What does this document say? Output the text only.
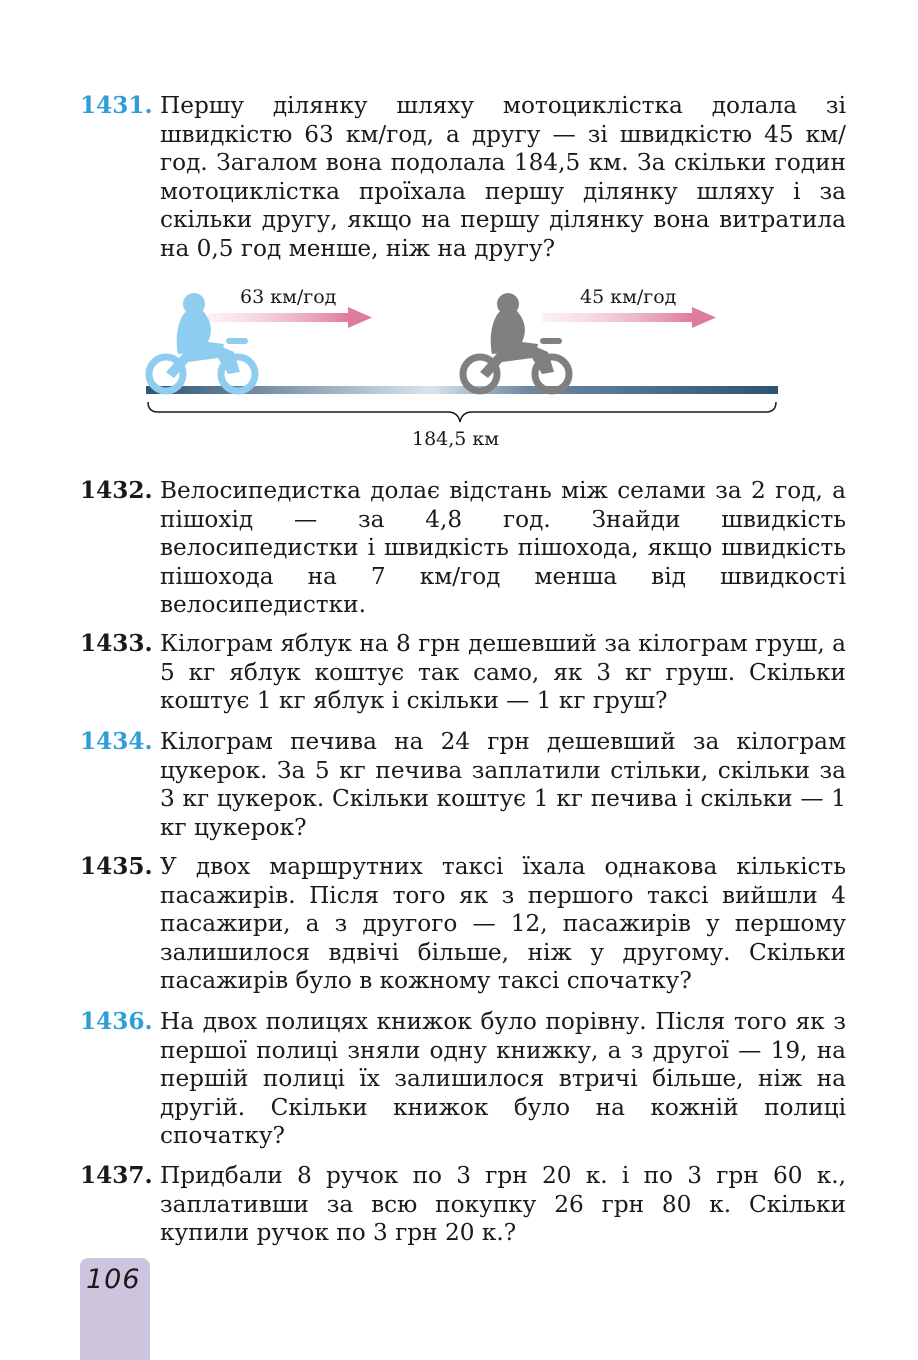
1431. Першу ділянку шляху мотоциклістка долала зі швидкістю 63 км/год, а другу — зі швидкістю 45 км/год. Загалом вона подолала 184,5 км. За скільки годин мотоциклістка проїхала першу ділянку шляху і за скільки другу, якщо на першу ділянку вона витратила на 0,5 год менше, ніж на другу?
63 км/год	45 км/год
184,5 км
1432. Велосипедистка долає відстань між селами за 2 год, а пішохід — за 4,8 год. Знайди швидкість велосипедистки і швидкість пішохода, якщо швидкість пішохода на 7 км/год менша від швидкості велосипедистки.
1433. Кілограм яблук на 8 грн дешевший за кілограм груш, а 5 кг яблук коштує так само, як 3 кг груш. Скільки коштує 1 кг яблук і скільки — 1 кг груш?
1434. Кілограм печива на 24 грн дешевший за кілограм цукерок. За 5 кг печива заплатили стільки, скільки за 3 кг цукерок. Скільки коштує 1 кг печива і скільки — 1 кг цукерок?
1435. У двох маршрутних таксі їхала однакова кількість пасажирів. Після того як з першого таксі вийшли 4 пасажири, а з другого — 12, пасажирів у першому залишилося вдвічі більше, ніж у другому. Скільки пасажирів було в кожному таксі спочатку?
1436. На двох полицях книжок було порівну. Після того як з першої полиці зняли одну книжку, а з другої — 19, на першій полиці їх залишилося втричі більше, ніж на другій. Скільки книжок було на кожній полиці спочатку?
1437. Придбали 8 ручок по 3 грн 20 к. і по 3 грн 60 к., заплативши за всю покупку 26 грн 80 к. Скільки купили ручок по 3 грн 20 к.?
106
